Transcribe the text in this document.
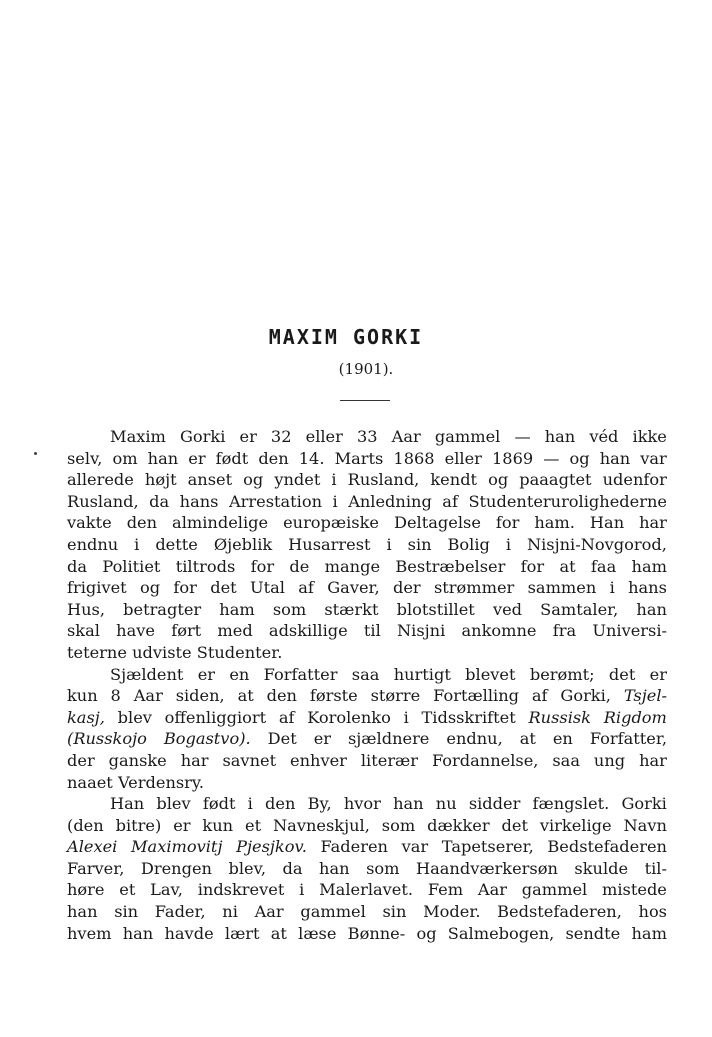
MAXIM GORKI
(1901).
Maxim Gorki er 32 eller 33 Aar gammel — han véd ikke
selv, om han er født den 14. Marts 1868 eller 1869 — og han var
allerede højt anset og yndet i Rusland, kendt og paaagtet udenfor
Rusland, da hans Arrestation i Anledning af Studenterurolighederne
vakte den almindelige europæiske Deltagelse for ham. Han har
endnu i dette Øjeblik Husarrest i sin Bolig i Nisjni-Novgorod,
da Politiet tiltrods for de mange Bestræbelser for at faa ham
frigivet og for det Utal af Gaver, der strømmer sammen i hans
Hus, betragter ham som stærkt blotstillet ved Samtaler, han
skal have ført med adskillige til Nisjni ankomne fra Universi-
teterne udviste Studenter.
Sjældent er en Forfatter saa hurtigt blevet berømt; det er
kun 8 Aar siden, at den første større Fortælling af Gorki, Tsjel-
kasj, blev offenliggiort af Korolenko i Tidsskriftet Russisk Rigdom
(Russkojo Bogastvo). Det er sjældnere endnu, at en Forfatter,
der ganske har savnet enhver literær Fordannelse, saa ung har
naaet Verdensry.
Han blev født i den By, hvor han nu sidder fængslet. Gorki
(den bitre) er kun et Navneskjul, som dækker det virkelige Navn
Alexei Maximovitj Pjesjkov. Faderen var Tapetserer, Bedstefaderen
Farver, Drengen blev, da han som Haandværkersøn skulde til-
høre et Lav, indskrevet i Malerlavet. Fem Aar gammel mistede
han sin Fader, ni Aar gammel sin Moder. Bedstefaderen, hos
hvem han havde lært at læse Bønne- og Salmebogen, sendte ham
